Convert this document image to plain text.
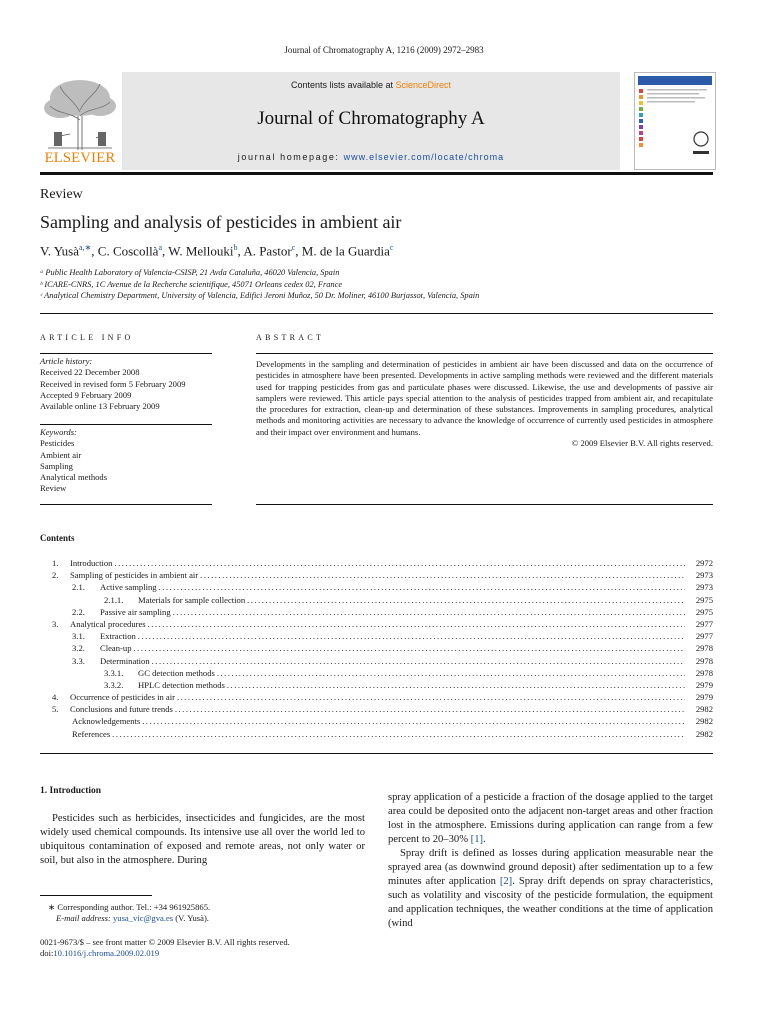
Journal of Chromatography A, 1216 (2009) 2972–2983
ELSEVIER
Contents lists available at ScienceDirect
Journal of Chromatography A
journal homepage: www.elsevier.com/locate/chroma
Review
Sampling and analysis of pesticides in ambient air
V. Yusà$^{a,∗}$, C. Coscollà$^a$, W. Mellouki$^b$, A. Pastor$^c$, M. de la Guardia$^c$
ᵃ Public Health Laboratory of Valencia-CSISP, 21 Avda Cataluña, 46020 Valencia, Spain
ᵇ ICARE-CNRS, 1C Avenue de la Recherche scientifique, 45071 Orleans cedex 02, France
ᶜ Analytical Chemistry Department, University of Valencia, Edifici Jeroni Muñoz, 50 Dr. Moliner, 46100 Burjassot, Valencia, Spain
ARTICLE INFO
Article history:
Received 22 December 2008
Received in revised form 5 February 2009
Accepted 9 February 2009
Available online 13 February 2009
Keywords:
Pesticides
Ambient air
Sampling
Analytical methods
Review
ABSTRACT
Developments in the sampling and determination of pesticides in ambient air have been discussed and data on the occurrence of pesticides in atmosphere have been presented. Developments in active sampling methods were reviewed and the different materials used for trapping pesticides from gas and particulate phases were discussed. Likewise, the use and developments of passive air samplers were reviewed. This article pays special attention to the analysis of pesticides trapped from ambient air, and recapitulate the procedures for extraction, clean-up and determination of these substances. Improvements in sampling procedures, analytical methods and monitoring activities are necessary to advance the knowledge of occurrence of currently used pesticides in atmosphere and their impact over environment and humans.
© 2009 Elsevier B.V. All rights reserved.
Contents
1. Introduction .....	2972
2. Sampling of pesticides in ambient air .....	2973
2.1. Active sampling .....	2973
2.1.1. Materials for sample collection .....	2975
2.2. Passive air sampling .....	2975
3. Analytical procedures .....	2977
3.1. Extraction .....	2977
3.2. Clean-up .....	2978
3.3. Determination .....	2978
3.3.1. GC detection methods .....	2978
3.3.2. HPLC detection methods .....	2979
4. Occurrence of pesticides in air .....	2979
5. Conclusions and future trends .....	2982
Acknowledgements .....	2982
References .....	2982
1. Introduction

Pesticides such as herbicides, insecticides and fungicides, are the most widely used chemical compounds. Its intensive use all over the world led to ubiquitous contamination of exposed and remote areas, not only water or soil, but also in the atmosphere. During

spray application of a pesticide a fraction of the dosage applied to the target area could be deposited onto the adjacent non-target areas and other fraction lost in the atmosphere. Emissions during application can range from a few percent to 20–30% [1].

Spray drift is defined as losses during application measurable near the sprayed area (as downwind ground deposit) after sedimentation up to a few minutes after application [2]. Spray drift depends on spray characteristics, such as volatility and viscosity of the pesticide formulation, the equipment and application techniques, the weather conditions at the time of application (wind

∗ Corresponding author. Tel.: +34 961925865.
E-mail address: yusa_vic@gva.es (V. Yusà).
0021-9673/$ – see front matter © 2009 Elsevier B.V. All rights reserved.
doi:10.1016/j.chroma.2009.02.019
